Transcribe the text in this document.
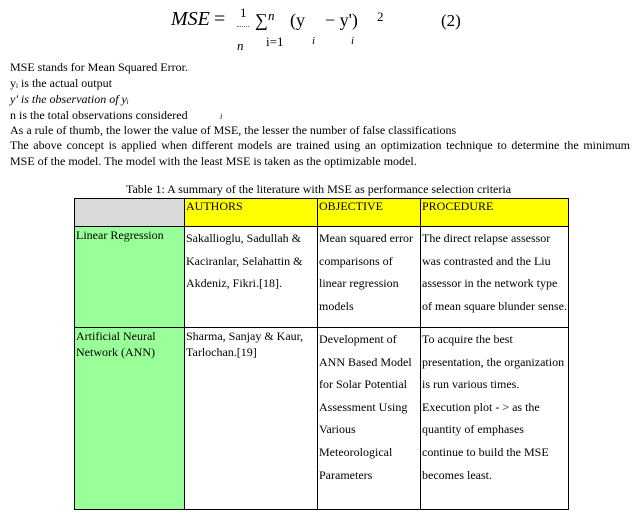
MSE = 1
n
∑ n
i=1
(y
i
− y')
i
2	(2)
MSE stands for Mean Squared Error.
yᵢ is the actual output
y' is the observation of yᵢ
n is the total observations considered	i
As a rule of thumb, the lower the value of MSE, the lesser the number of false classifications
The above concept is applied when different models are trained using an optimization technique to determine the minimum
MSE of the model. The model with the least MSE is taken as the optimizable model.
Table 1: A summary of the literature with MSE as performance selection criteria
	AUTHORS	OBJECTIVE	PROCEDURE
Linear Regression	Sakallioglu, Sadullah & Kaciranlar, Selahattin & Akdeniz, Fikri.[18].	Mean squared error comparisons of linear regression models	The direct relapse assessor was contrasted and the Liu assessor in the network type of mean square blunder sense.
Artificial Neural Network (ANN)	Sharma, Sanjay & Kaur, Tarlochan.[19]	Development of ANN Based Model for Solar Potential Assessment Using Various Meteorological Parameters	To acquire the best presentation, the organization is run various times. Execution plot - > as the quantity of emphases continue to build the MSE becomes least.
